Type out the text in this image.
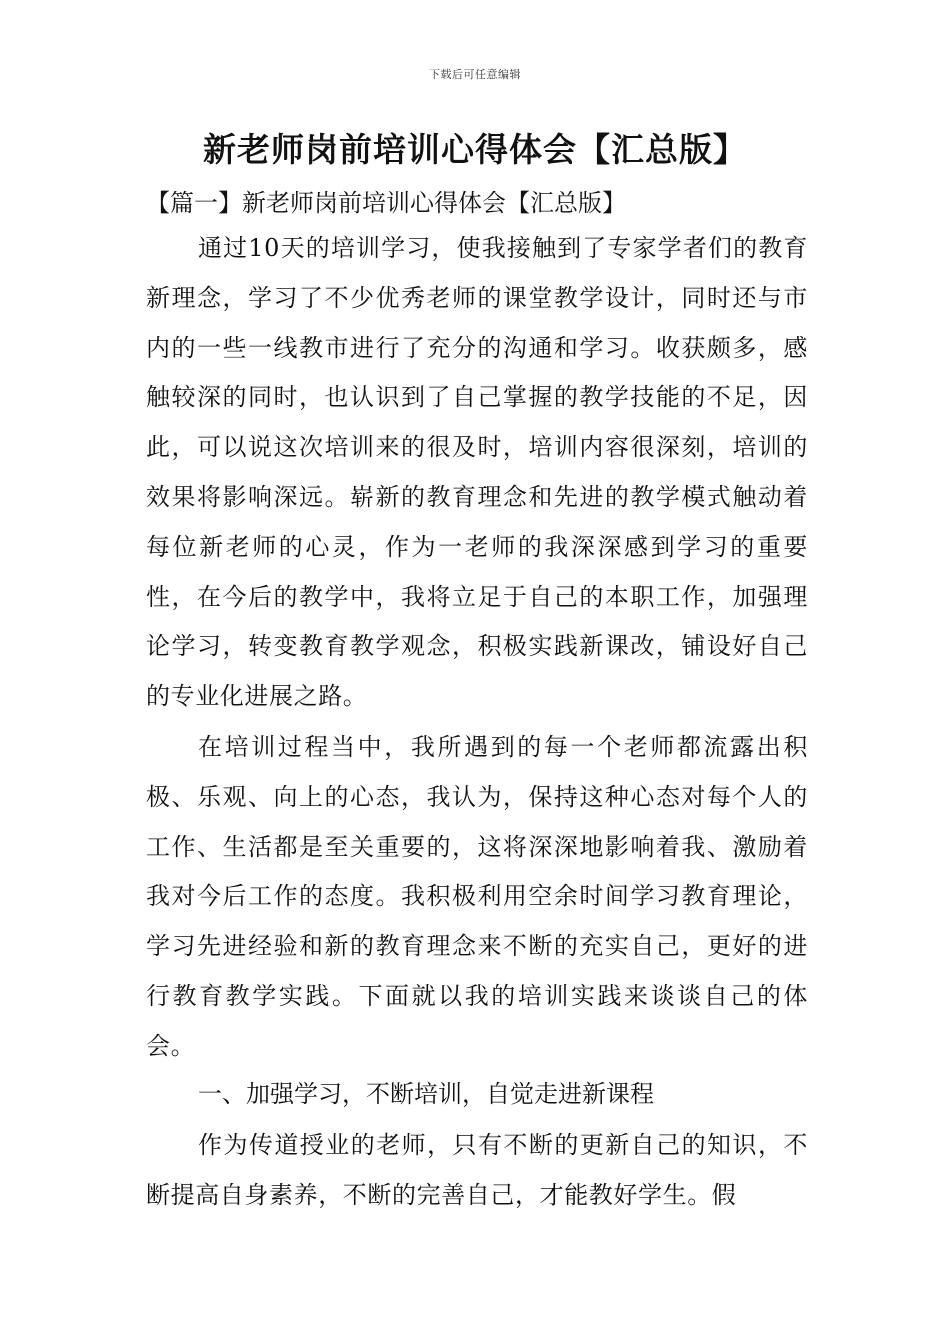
下载后可任意编辑
新老师岗前培训心得体会【汇总版】
【篇一】新老师岗前培训心得体会【汇总版】

通过10天的培训学习，使我接触到了专家学者们的教育新理念，学习了不少优秀老师的课堂教学设计，同时还与市内的一些一线教市进行了充分的沟通和学习。收获颇多，感触较深的同时，也认识到了自己掌握的教学技能的不足，因此，可以说这次培训来的很及时，培训内容很深刻，培训的效果将影响深远。崭新的教育理念和先进的教学模式触动着每位新老师的心灵，作为一老师的我深深感到学习的重要性，在今后的教学中，我将立足于自己的本职工作，加强理论学习，转变教育教学观念，积极实践新课改，铺设好自己的专业化进展之路。

在培训过程当中，我所遇到的每一个老师都流露出积极、乐观、向上的心态，我认为，保持这种心态对每个人的工作、生活都是至关重要的，这将深深地影响着我、激励着我对今后工作的态度。我积极利用空余时间学习教育理论，学习先进经验和新的教育理念来不断的充实自己，更好的进行教育教学实践。下面就以我的培训实践来谈谈自己的体会。

一、加强学习，不断培训，自觉走进新课程

作为传道授业的老师，只有不断的更新自己的知识，不断提高自身素养，不断的完善自己，才能教好学生。假
